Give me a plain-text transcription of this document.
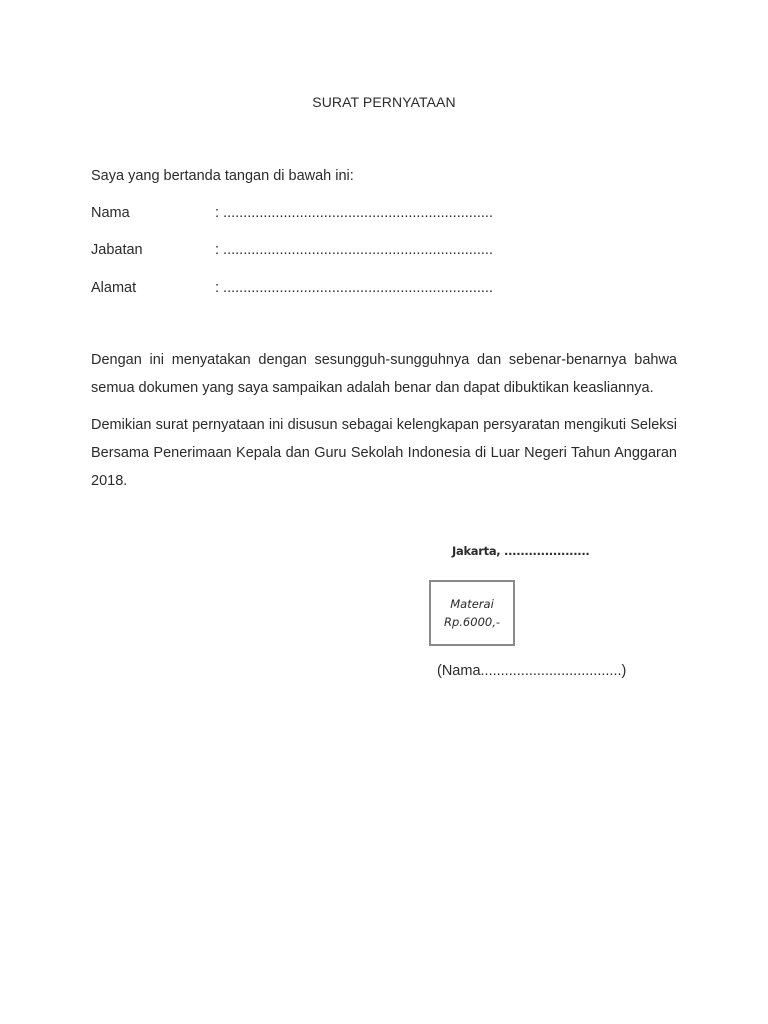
SURAT PERNYATAAN
Saya yang bertanda tangan di bawah ini:
Nama	: ...................................................................
Jabatan	: ...................................................................
Alamat	: ...................................................................
Dengan ini menyatakan dengan sesungguh-sungguhnya dan sebenar-benarnya bahwa semua dokumen yang saya sampaikan adalah benar dan dapat dibuktikan keasliannya.
Demikian surat pernyataan ini disusun sebagai kelengkapan persyaratan mengikuti Seleksi Bersama Penerimaan Kepala dan Guru Sekolah Indonesia di Luar Negeri Tahun Anggaran 2018.
Jakarta, .....................
Materai
Rp.6000,-
(Nama...................................)
